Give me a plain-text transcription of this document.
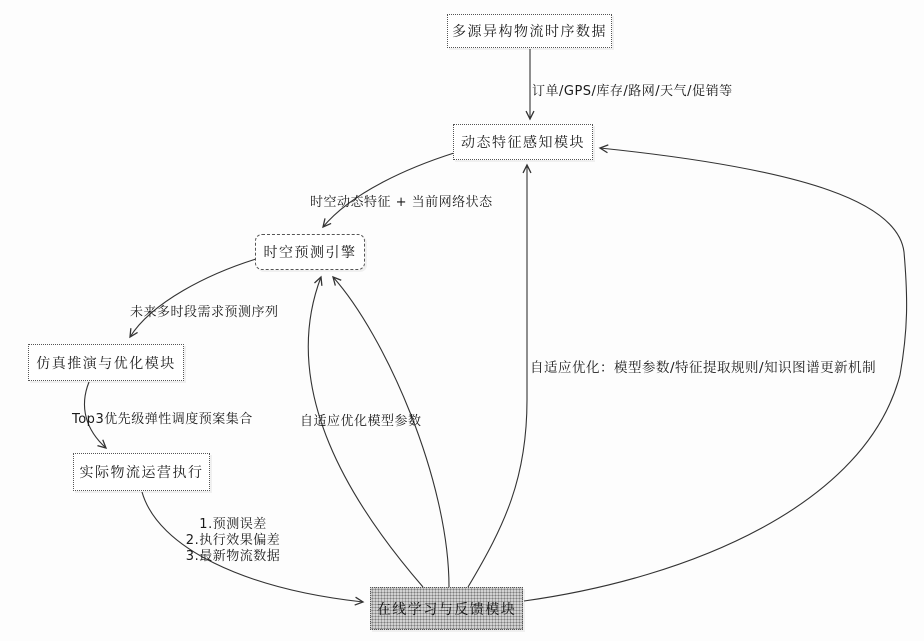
多源异构物流时序数据
动态特征感知模块
时空预测引擎
仿真推演与优化模块
实际物流运营执行
在线学习与反馈模块
订单/GPS/库存/路网/天气/促销等
时空动态特征 + 当前网络状态
未来多时段需求预测序列
Top3优先级弹性调度预案集合
1.预测误差
2.执行效果偏差
3.最新物流数据
自适应优化模型参数
自适应优化：模型参数/特征提取规则/知识图谱更新机制
